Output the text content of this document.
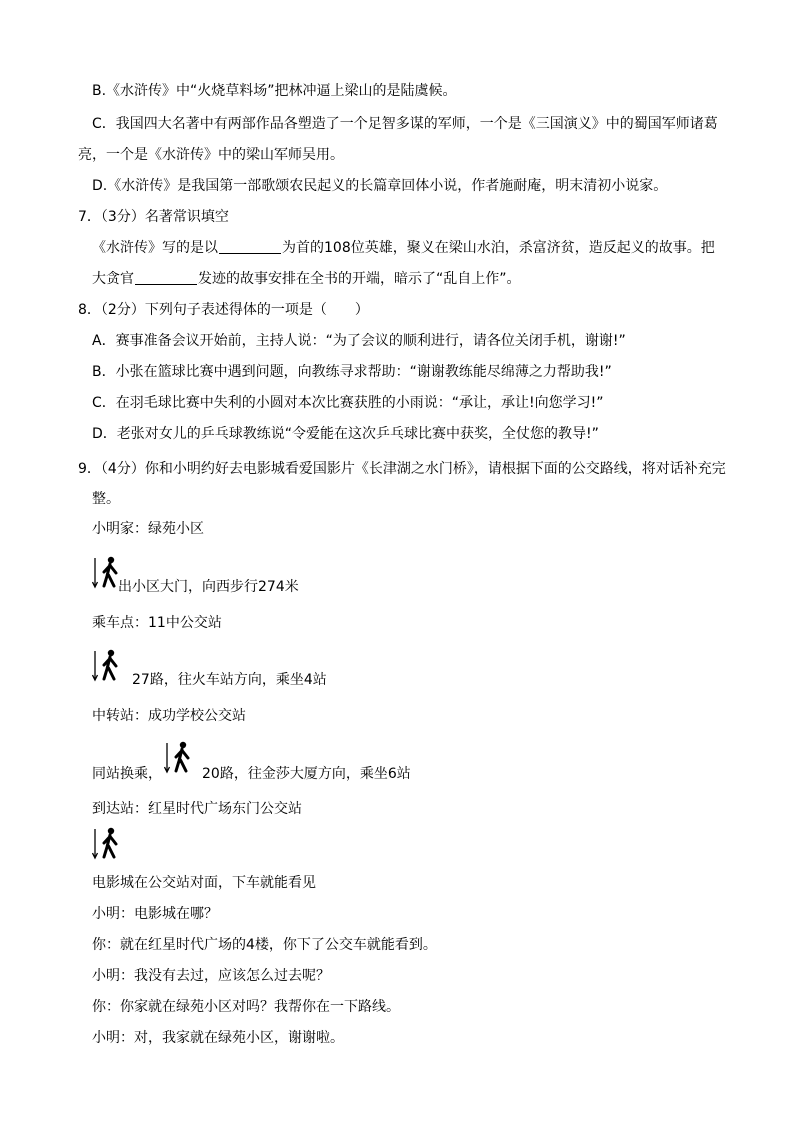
B.《水浒传》中“火烧草料场”把林冲逼上梁山的是陆虞候。
C．我国四大名著中有两部作品各塑造了一个足智多谋的军师，一个是《三国演义》中的蜀国军师诸葛
亮，一个是《水浒传》中的梁山军师吴用。
D.《水浒传》是我国第一部歌颂农民起义的长篇章回体小说，作者施耐庵，明末清初小说家。
7．（3分）名著常识填空
《水浒传》写的是以	为首的108位英雄，聚义在梁山水泊，杀富济贫，造反起义的故事。把
大贪官	发迹的故事安排在全书的开端，暗示了“乱自上作”。
8．（2分）下列句子表述得体的一项是（　　）
A．赛事准备会议开始前，主持人说：“为了会议的顺利进行，请各位关闭手机，谢谢!”
B．小张在篮球比赛中遇到问题，向教练寻求帮助：“谢谢教练能尽绵薄之力帮助我!”
C．在羽毛球比赛中失利的小圆对本次比赛获胜的小雨说：“承让，承让!向您学习!”
D．老张对女儿的乒乓球教练说“令爱能在这次乒乓球比赛中获奖，全仗您的教导!”
9．（4分）你和小明约好去电影城看爱国影片《长津湖之水门桥》，请根据下面的公交路线，将对话补充完
整。
小明家：绿苑小区
出小区大门，向西步行274米
乘车点：11中公交站
27路，往火车站方向，乘坐4站
中转站：成功学校公交站
同站换乘，	20路，往金莎大厦方向，乘坐6站
到达站：红星时代广场东门公交站
电影城在公交站对面，下车就能看见
小明：电影城在哪？
你：就在红星时代广场的4楼，你下了公交车就能看到。
小明：我没有去过，应该怎么过去呢？
你：你家就在绿苑小区对吗？我帮你在一下路线。
小明：对，我家就在绿苑小区，谢谢啦。
